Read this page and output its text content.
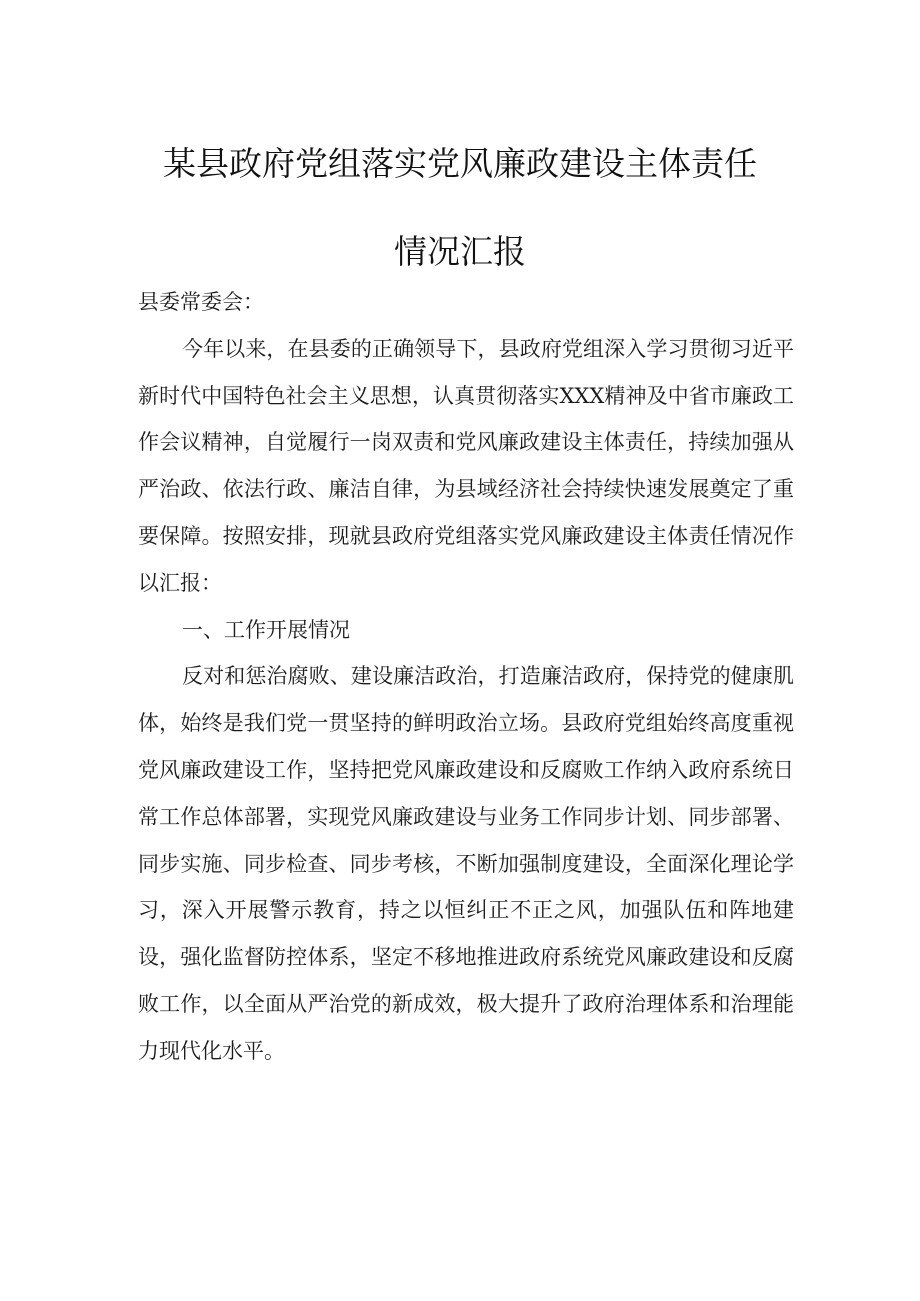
某县政府党组落实党风廉政建设主体责任
情况汇报

县委常委会：

今年以来，在县委的正确领导下，县政府党组深入学习贯彻习近平新时代中国特色社会主义思想，认真贯彻落实XXX精神及中省市廉政工作会议精神，自觉履行一岗双责和党风廉政建设主体责任，持续加强从严治政、依法行政、廉洁自律，为县域经济社会持续快速发展奠定了重要保障。按照安排，现就县政府党组落实党风廉政建设主体责任情况作以汇报：

一、工作开展情况

反对和惩治腐败、建设廉洁政治，打造廉洁政府，保持党的健康肌体，始终是我们党一贯坚持的鲜明政治立场。县政府党组始终高度重视党风廉政建设工作，坚持把党风廉政建设和反腐败工作纳入政府系统日常工作总体部署，实现党风廉政建设与业务工作同步计划、同步部署、同步实施、同步检查、同步考核，不断加强制度建设，全面深化理论学习，深入开展警示教育，持之以恒纠正不正之风，加强队伍和阵地建设，强化监督防控体系，坚定不移地推进政府系统党风廉政建设和反腐败工作，以全面从严治党的新成效，极大提升了政府治理体系和治理能力现代化水平。
